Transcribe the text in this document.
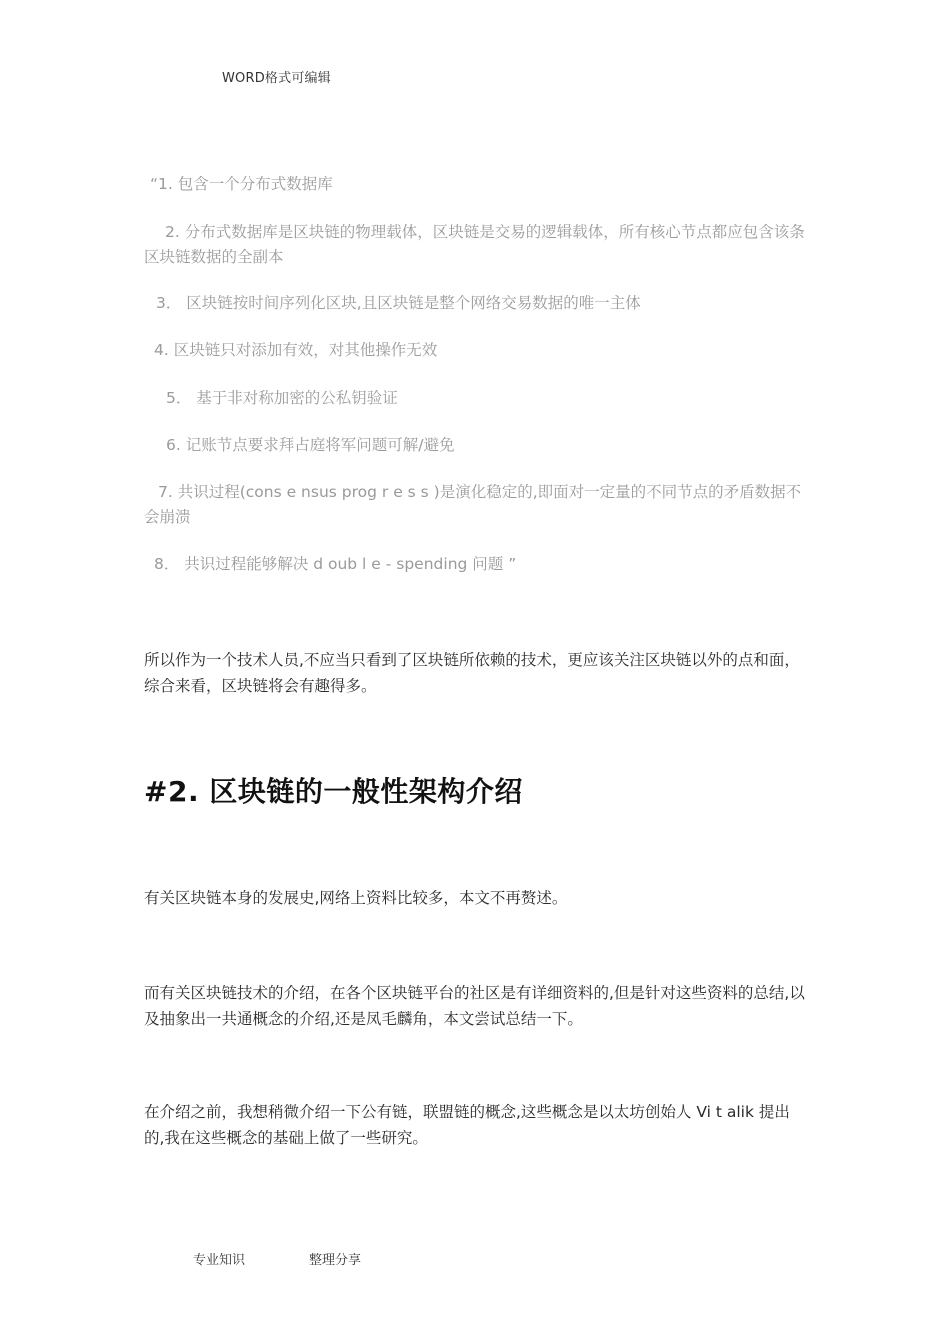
WORD格式可编辑
“1. 包含一个分布式数据库
2. 分布式数据库是区块链的物理载体，区块链是交易的逻辑载体，所有核心节点都应包含该条区块链数据的全副本
3． 区块链按时间序列化区块,且区块链是整个网络交易数据的唯一主体
4. 区块链只对添加有效，对其他操作无效
5． 基于非对称加密的公私钥验证
6. 记账节点要求拜占庭将军问题可解/避免
7. 共识过程(cons e nsus prog r e s s )是演化稳定的,即面对一定量的不同节点的矛盾数据不会崩溃
8． 共识过程能够解决 d oub l e - spending 问题 ”
所以作为一个技术人员,不应当只看到了区块链所依赖的技术，更应该关注区块链以外的点和面，综合来看，区块链将会有趣得多。
#2. 区块链的一般性架构介绍
有关区块链本身的发展史,网络上资料比较多，本文不再赘述。
而有关区块链技术的介绍，在各个区块链平台的社区是有详细资料的,但是针对这些资料的总结,以及抽象出一共通概念的介绍,还是凤毛麟角，本文尝试总结一下。
在介绍之前，我想稍微介绍一下公有链，联盟链的概念,这些概念是以太坊创始人 Vi t alik 提出的,我在这些概念的基础上做了一些研究。
专业知识	整理分享
